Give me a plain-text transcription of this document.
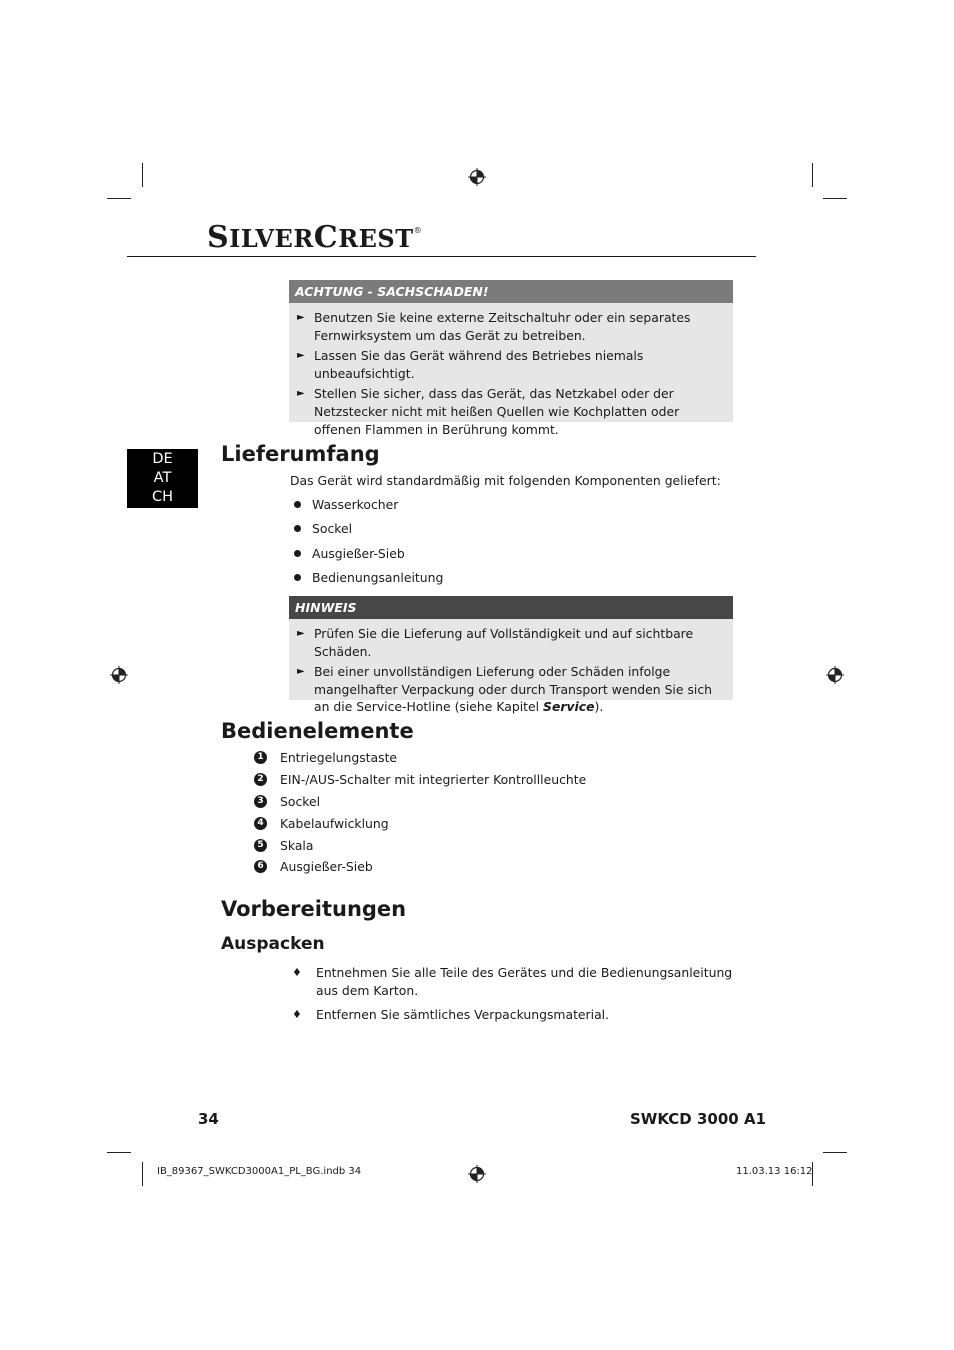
SILVERCREST®
ACHTUNG - SACHSCHADEN!
► Benutzen Sie keine externe Zeitschaltuhr oder ein separates Fernwirksystem um das Gerät zu betreiben.
► Lassen Sie das Gerät während des Betriebes niemals unbeaufsichtigt.
► Stellen Sie sicher, dass das Gerät, das Netzkabel oder der Netzstecker nicht mit heißen Quellen wie Kochplatten oder offenen Flammen in Berührung kommt.
DE
AT
CH
Lieferumfang
Das Gerät wird standardmäßig mit folgenden Komponenten geliefert:
Wasserkocher
Sockel
Ausgießer-Sieb
Bedienungsanleitung
HINWEIS
► Prüfen Sie die Lieferung auf Vollständigkeit und auf sichtbare Schäden.
► Bei einer unvollständigen Lieferung oder Schäden infolge mangelhafter Verpackung oder durch Transport wenden Sie sich an die Service-Hotline (siehe Kapitel Service).
Bedienelemente
1 Entriegelungstaste
2 EIN-/AUS-Schalter mit integrierter Kontrollleuchte
3 Sockel
4 Kabelaufwicklung
5 Skala
6 Ausgießer-Sieb
Vorbereitungen
Auspacken
♦ Entnehmen Sie alle Teile des Gerätes und die Bedienungsanleitung aus dem Karton.
♦ Entfernen Sie sämtliches Verpackungsmaterial.
34	SWKCD 3000 A1
IB_89367_SWKCD3000A1_PL_BG.indb 34	11.03.13 16:12
